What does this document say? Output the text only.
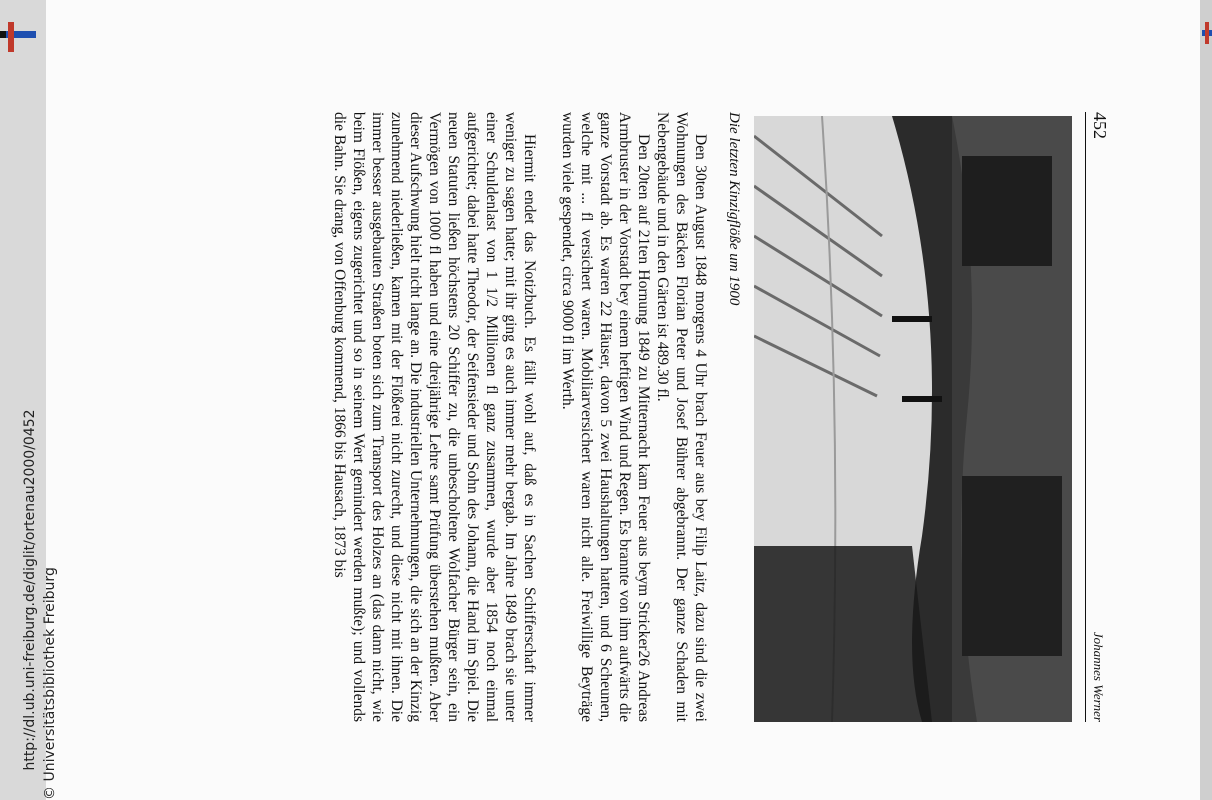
http://dl.ub.uni-freiburg.de/diglit/ortenau2000/0452 © Universitätsbibliothek Freiburg
452
Johannes Werner
Die letzten Kinzigflöße um 1900

Den 30ten August 1848 morgens 4 Uhr brach Feuer aus bey Filip Laitz, dazu sind die zwei Wohnungen des Bäcken Florian Peter und Josef Bührer abgebrannt. Der ganze Schaden mit Nebengebäude und in den Gärten ist 489.30 fl.

Den 20ten auf 21ten Hornung 1849 zu Mitternacht kam Feuer aus beym Stricker26 Andreas Armbruster in der Vorstadt bey einem heftigen Wind und Regen. Es brannte von ihm aufwärts die ganze Vorstadt ab. Es waren 22 Häuser, davon 5 zwei Haushaltungen hatten, und 6 Scheunen, welche mit ... fl versichert waren. Mobiliarversichert waren nicht alle. Freiwillige Beyträge wurden viele gespendet, circa 9000 fl im Werth.

Hiermit endet das Notizbuch. Es fällt wohl auf, daß es in Sachen Schifferschaft immer weniger zu sagen hatte; mit ihr ging es auch immer mehr bergab. Im Jahre 1849 brach sie unter einer Schuldenlast von 1 1/2 Millionen fl ganz zusammen, wurde aber 1854 noch einmal aufgerichtet; dabei hatte Theodor, der Seifensieder und Sohn des Johann, die Hand im Spiel. Die neuen Statuten ließen höchstens 20 Schiffer zu, die unbescholtene Wolfacher Bürger sein, ein Vermögen von 1000 fl haben und eine dreijährige Lehre samt Prüfung überstehen mußten. Aber dieser Aufschwung hielt nicht lange an. Die industriellen Unternehmungen, die sich an der Kinzig zunehmend niederließen, kamen mit der Flößerei nicht zurecht, und diese nicht mit ihnen. Die immer besser ausgebauten Straßen boten sich zum Transport des Holzes an (das dann nicht, wie beim Flößen, eigens zugerichtet und so in seinem Wert gemindert werden mußte); und vollends die Bahn. Sie drang, von Offenburg kommend, 1866 bis Hausach, 1873 bis
